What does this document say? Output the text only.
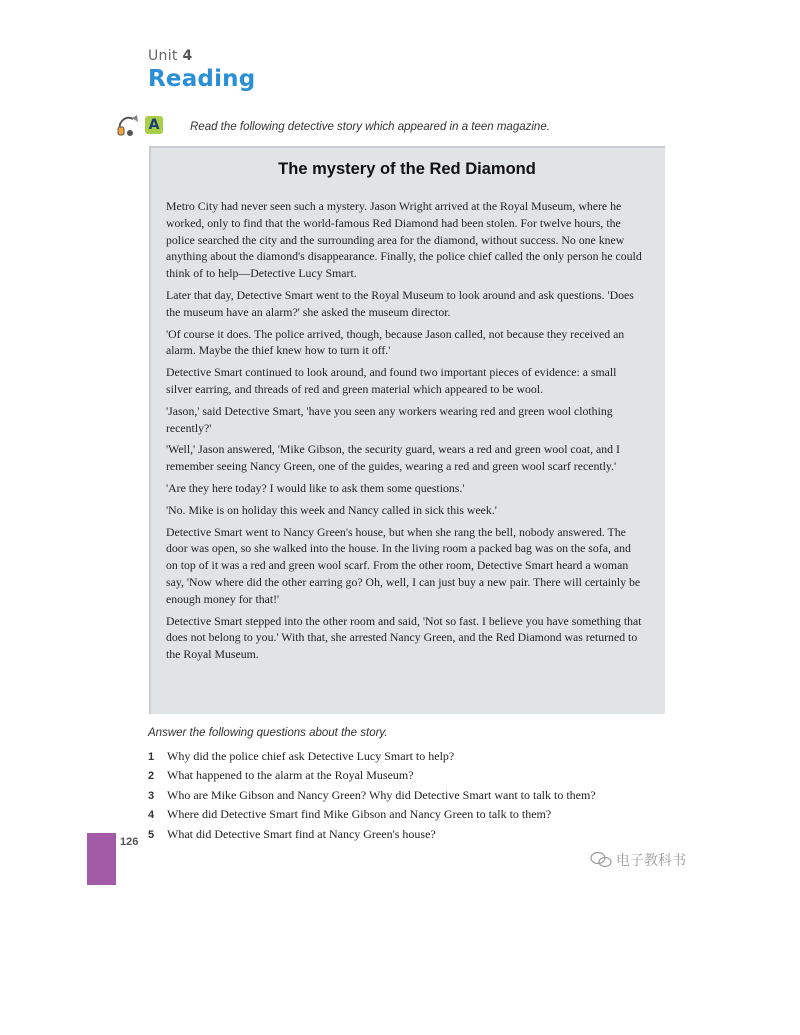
Unit 4
Reading
A	Read the following detective story which appeared in a teen magazine.
The mystery of the Red Diamond

Metro City had never seen such a mystery. Jason Wright arrived at the Royal Museum, where he worked, only to find that the world-famous Red Diamond had been stolen. For twelve hours, the police searched the city and the surrounding area for the diamond, without success. No one knew anything about the diamond's disappearance. Finally, the police chief called the only person he could think of to help—Detective Lucy Smart.

Later that day, Detective Smart went to the Royal Museum to look around and ask questions. 'Does the museum have an alarm?' she asked the museum director.

'Of course it does. The police arrived, though, because Jason called, not because they received an alarm. Maybe the thief knew how to turn it off.'

Detective Smart continued to look around, and found two important pieces of evidence: a small silver earring, and threads of red and green material which appeared to be wool.

'Jason,' said Detective Smart, 'have you seen any workers wearing red and green wool clothing recently?'

'Well,' Jason answered, 'Mike Gibson, the security guard, wears a red and green wool coat, and I remember seeing Nancy Green, one of the guides, wearing a red and green wool scarf recently.'

'Are they here today? I would like to ask them some questions.'

'No. Mike is on holiday this week and Nancy called in sick this week.'

Detective Smart went to Nancy Green's house, but when she rang the bell, nobody answered. The door was open, so she walked into the house. In the living room a packed bag was on the sofa, and on top of it was a red and green wool scarf. From the other room, Detective Smart heard a woman say, 'Now where did the other earring go? Oh, well, I can just buy a new pair. There will certainly be enough money for that!'

Detective Smart stepped into the other room and said, 'Not so fast. I believe you have something that does not belong to you.' With that, she arrested Nancy Green, and the Red Diamond was returned to the Royal Museum.

Answer the following questions about the story.
1 Why did the police chief ask Detective Lucy Smart to help?
2 What happened to the alarm at the Royal Museum?
3 Who are Mike Gibson and Nancy Green? Why did Detective Smart want to talk to them?
4 Where did Detective Smart find Mike Gibson and Nancy Green to talk to them?
5 What did Detective Smart find at Nancy Green's house?
126
电子教科书
